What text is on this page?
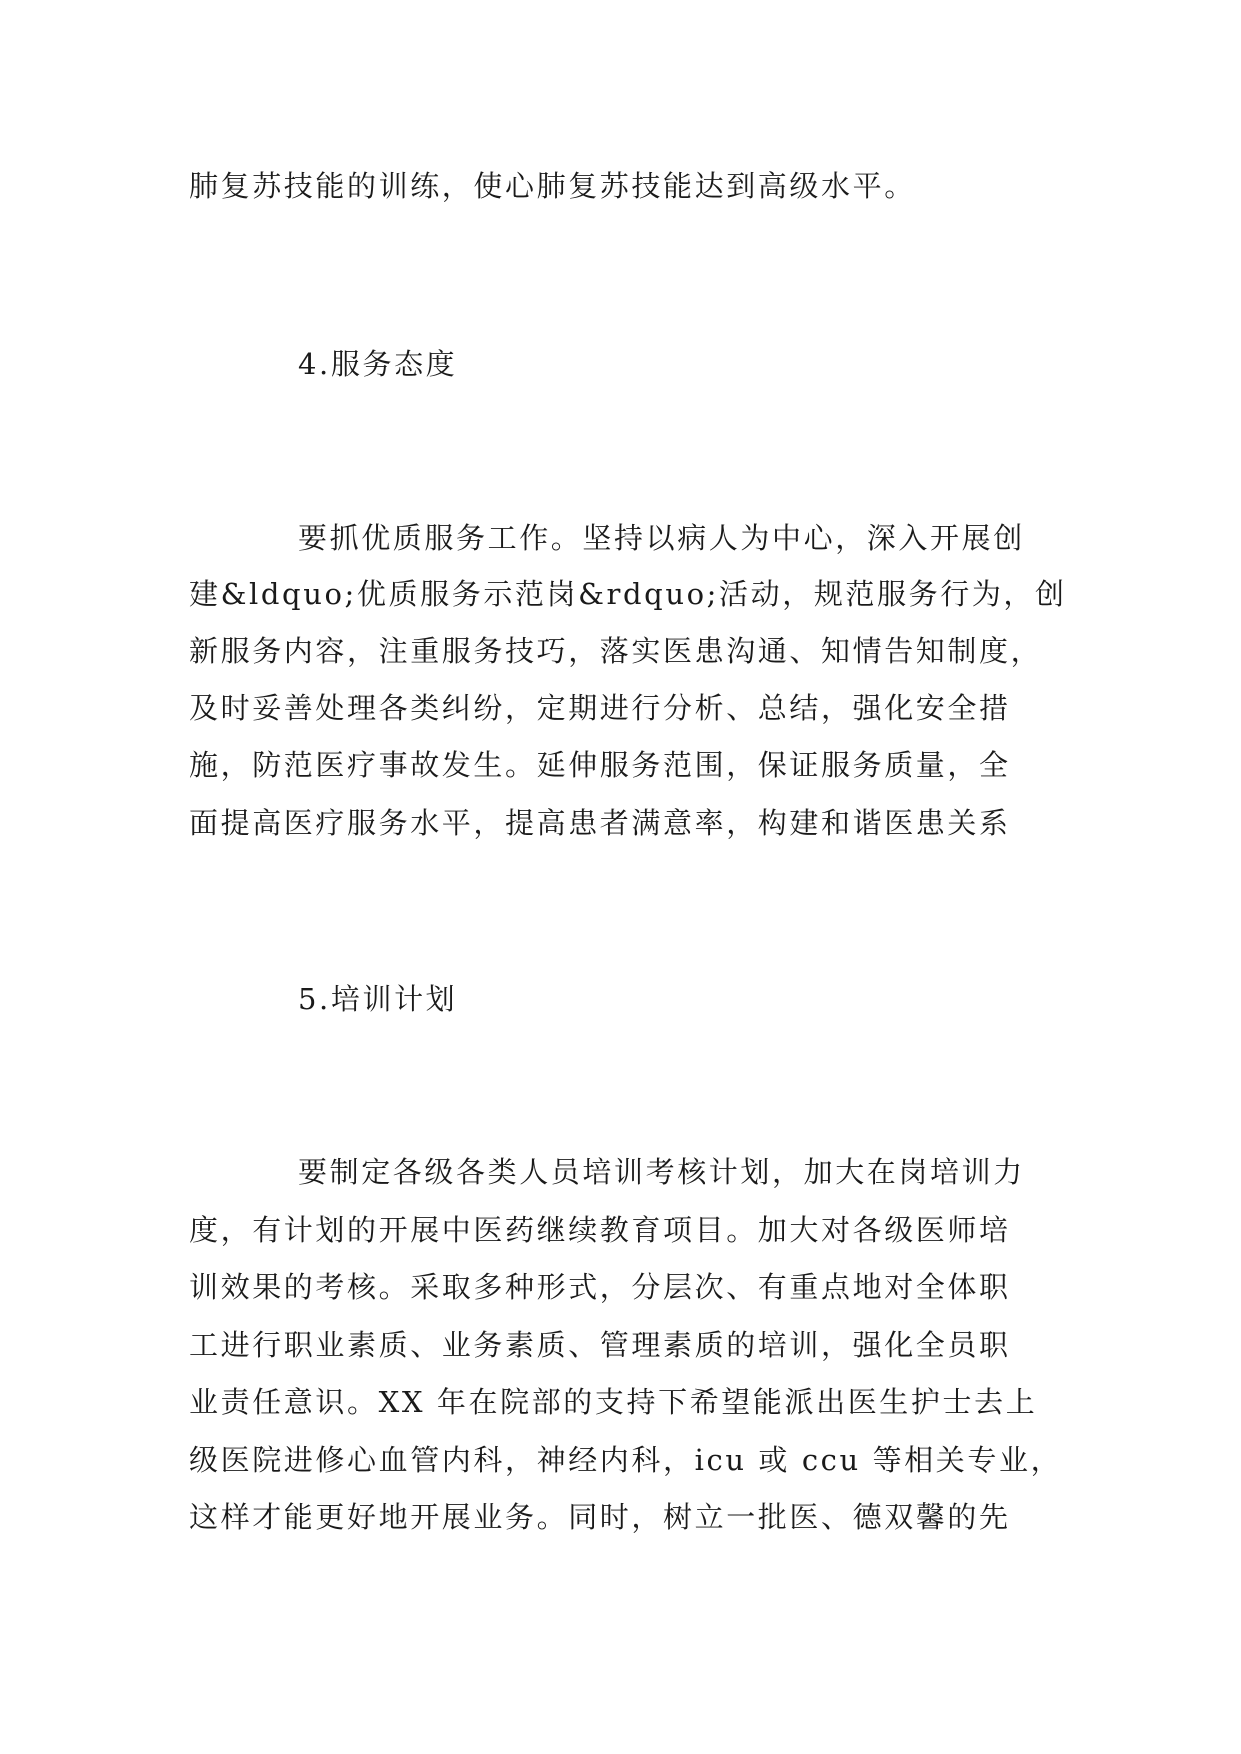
肺复苏技能的训练，使心肺复苏技能达到高级水平。
4.服务态度
要抓优质服务工作。坚持以病人为中心，深入开展创
建&ldquo;优质服务示范岗&rdquo;活动，规范服务行为，创
新服务内容，注重服务技巧，落实医患沟通、知情告知制度，
及时妥善处理各类纠纷，定期进行分析、总结，强化安全措
施，防范医疗事故发生。延伸服务范围，保证服务质量，全
面提高医疗服务水平，提高患者满意率，构建和谐医患关系
5.培训计划
要制定各级各类人员培训考核计划，加大在岗培训力
度，有计划的开展中医药继续教育项目。加大对各级医师培
训效果的考核。采取多种形式，分层次、有重点地对全体职
工进行职业素质、业务素质、管理素质的培训，强化全员职
业责任意识。XX 年在院部的支持下希望能派出医生护士去上
级医院进修心血管内科，神经内科，icu 或 ccu 等相关专业，
这样才能更好地开展业务。同时，树立一批医、德双馨的先
